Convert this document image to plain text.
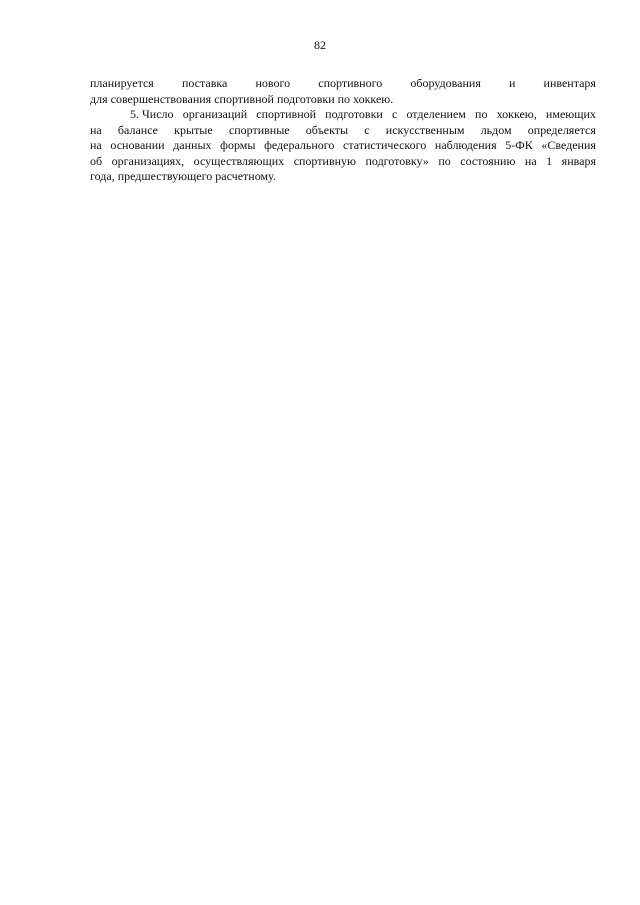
82
планируется поставка нового спортивного оборудования и инвентаря
для совершенствования спортивной подготовки по хоккею.
5. Число организаций спортивной подготовки с отделением по хоккею, имеющих
на балансе крытые спортивные объекты с искусственным льдом определяется
на основании данных формы федерального статистического наблюдения 5-ФК «Сведения
об организациях, осуществляющих спортивную подготовку» по состоянию на 1 января
года, предшествующего расчетному.
